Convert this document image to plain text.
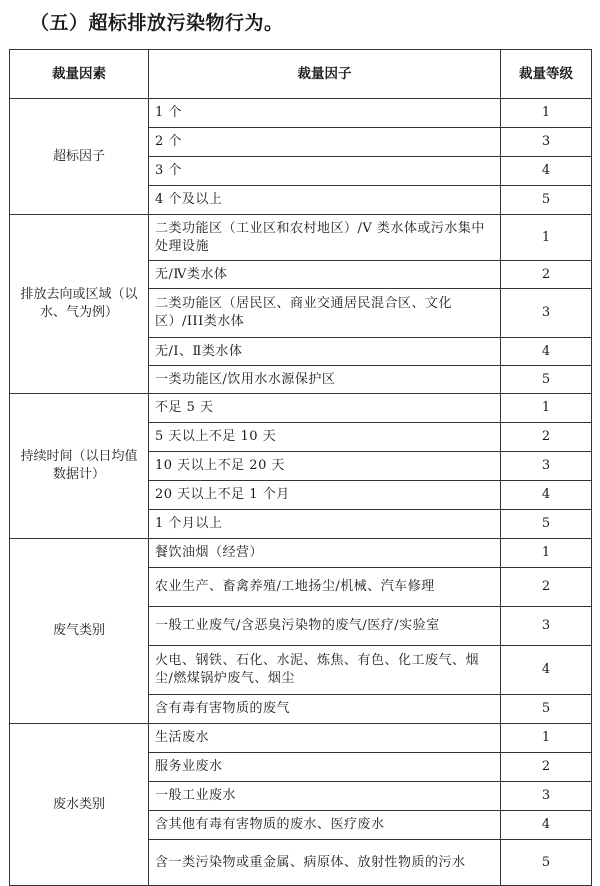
（五）超标排放污染物行为。
裁量因素	裁量因子	裁量等级
超标因子	1 个	1
	2 个	3
	3 个	4
	4 个及以上	5
排放去向或区域（以水、气为例）	二类功能区（工业区和农村地区）/V 类水体或污水集中处理设施	1
	无/Ⅳ类水体	2
	二类功能区（居民区、商业交通居民混合区、文化区）/III类水体	3
	无/Ⅰ、Ⅱ类水体	4
	一类功能区/饮用水水源保护区	5
持续时间（以日均值数据计）	不足 5 天	1
	5 天以上不足 10 天	2
	10 天以上不足 20 天	3
	20 天以上不足 1 个月	4
	1 个月以上	5
废气类别	餐饮油烟（经营）	1
	农业生产、畜禽养殖/工地扬尘/机械、汽车修理	2
	一般工业废气/含恶臭污染物的废气/医疗/实验室	3
	火电、钢铁、石化、水泥、炼焦、有色、化工废气、烟尘/燃煤锅炉废气、烟尘	4
	含有毒有害物质的废气	5
废水类别	生活废水	1
	服务业废水	2
	一般工业废水	3
	含其他有毒有害物质的废水、医疗废水	4
	含一类污染物或重金属、病原体、放射性物质的污水	5
